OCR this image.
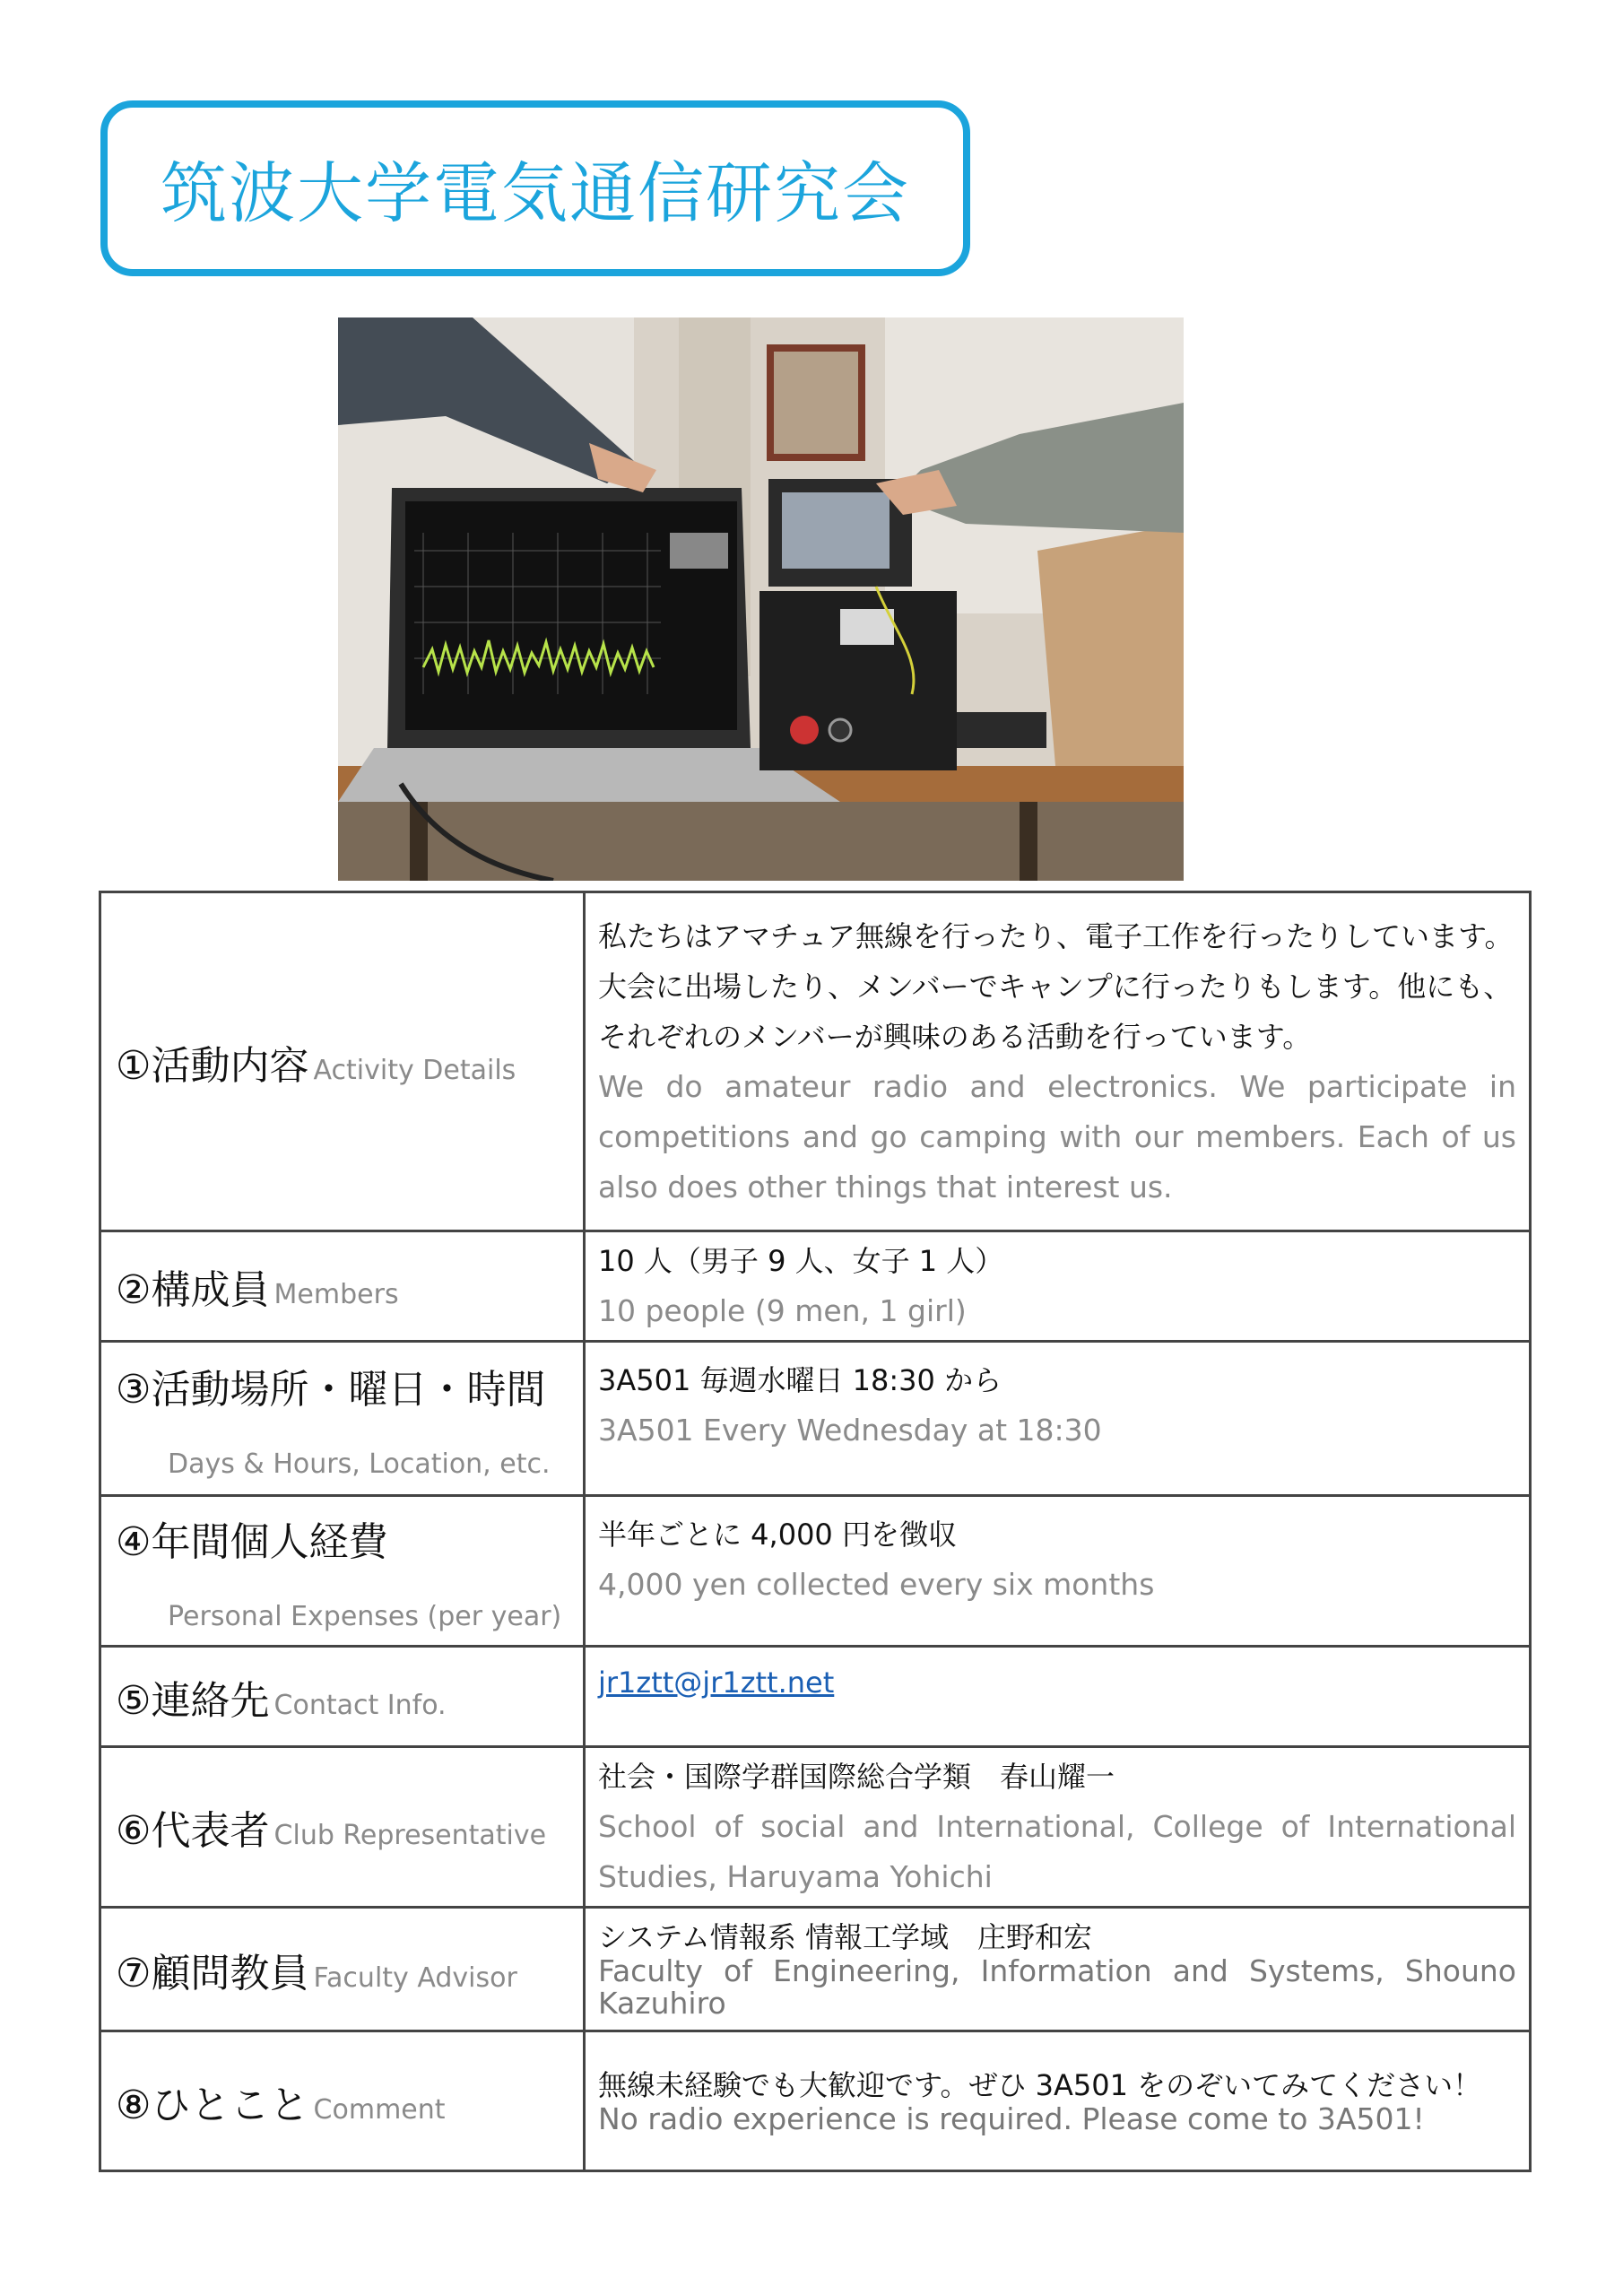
筑波大学電気通信研究会
①活動内容 Activity Details	私たちはアマチュア無線を行ったり、電子工作を行ったりしています。大会に出場したり、メンバーでキャンプに行ったりもします。他にも、それぞれのメンバーが興味のある活動を行っています。
We do amateur radio and electronics. We participate in competitions and go camping with our members. Each of us also does other things that interest us.

②構成員 Members	10 人（男子 9 人、女子 1 人）
10 people (9 men, 1 girl)

③活動場所・曜日・時間
Days & Hours, Location, etc.	3A501 毎週水曜日 18:30 から
3A501 Every Wednesday at 18:30

④年間個人経費
Personal Expenses (per year)	半年ごとに 4,000 円を徴収
4,000 yen collected every six months

⑤連絡先 Contact Info.	jr1ztt@jr1ztt.net
⑥代表者 Club Representative	社会・国際学群国際総合学類　春山耀一
School of social and International, College of International Studies, Haruyama Yohichi

⑦顧問教員 Faculty Advisor	システム情報系 情報工学域　庄野和宏
Faculty of Engineering, Information and Systems, Shouno Kazuhiro

⑧ひとこと Comment	無線未経験でも大歓迎です。ぜひ 3A501 をのぞいてみてください！
No radio experience is required. Please come to 3A501!
